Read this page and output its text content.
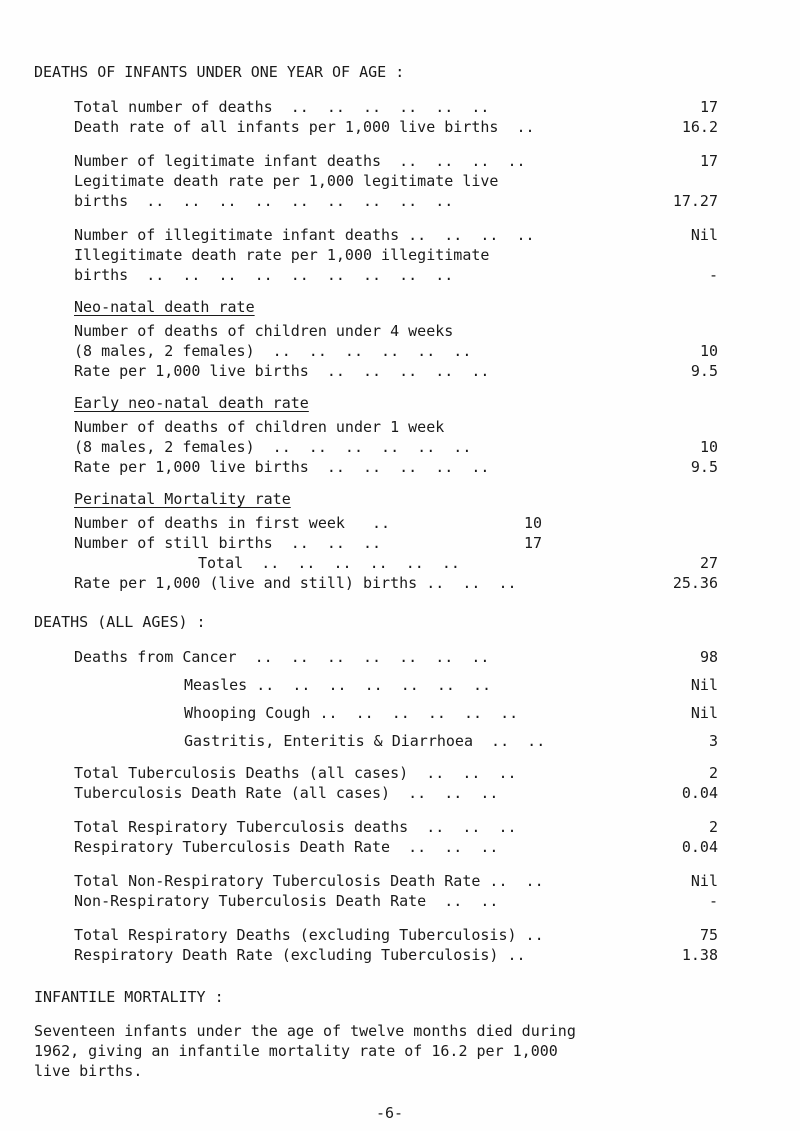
DEATHS OF INFANTS UNDER ONE YEAR OF AGE :
Total number of deaths  ..  ..  ..  ..  ..  ..	17
Death rate of all infants per 1,000 live births  ..	16.2
Number of legitimate infant deaths  ..  ..  ..  ..	17
Legitimate death rate per 1,000 legitimate live
births  ..  ..  ..  ..  ..  ..  ..  ..  ..	17.27
Number of illegitimate infant deaths ..  ..  ..  ..	Nil
Illegitimate death rate per 1,000 illegitimate
births  ..  ..  ..  ..  ..  ..  ..  ..  ..	-
Neo-natal death rate
Number of deaths of children under 4 weeks
(8 males, 2 females)  ..  ..  ..  ..  ..  ..	10
Rate per 1,000 live births  ..  ..  ..  ..  ..	9.5
Early neo-natal death rate
Number of deaths of children under 1 week
(8 males, 2 females)  ..  ..  ..  ..  ..  ..	10
Rate per 1,000 live births  ..  ..  ..  ..  ..	9.5
Perinatal Mortality rate
Number of deaths in first week   ..	10
Number of still births  ..  ..  ..	17
Total  ..  ..  ..  ..  ..  ..	27
Rate per 1,000 (live and still) births ..  ..  ..	25.36
DEATHS (ALL AGES) :
Deaths from Cancer  ..  ..  ..  ..  ..  ..  ..	98
Measles ..  ..  ..  ..  ..  ..  ..	Nil
Whooping Cough ..  ..  ..  ..  ..  ..	Nil
Gastritis, Enteritis & Diarrhoea  ..  ..	3
Total Tuberculosis Deaths (all cases)  ..  ..  ..	2
Tuberculosis Death Rate (all cases)  ..  ..  ..	0.04
Total Respiratory Tuberculosis deaths  ..  ..  ..	2
Respiratory Tuberculosis Death Rate  ..  ..  ..	0.04
Total Non-Respiratory Tuberculosis Death Rate ..  ..	Nil
Non-Respiratory Tuberculosis Death Rate  ..  ..	-
Total Respiratory Deaths (excluding Tuberculosis) ..	75
Respiratory Death Rate (excluding Tuberculosis) ..	1.38
INFANTILE MORTALITY :
Seventeen infants under the age of twelve months died during
1962, giving an infantile mortality rate of 16.2 per 1,000
live births.
-6-
